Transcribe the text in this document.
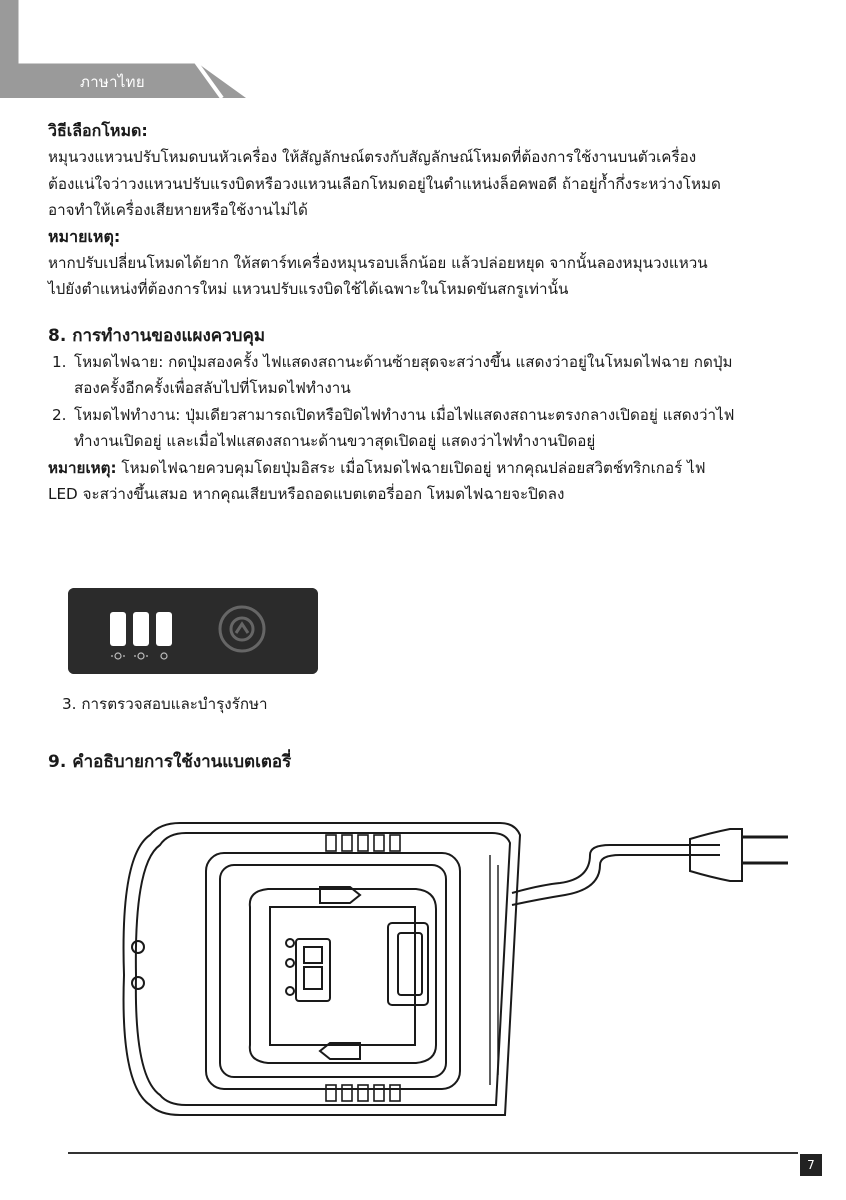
ภาษาไทย

วิธีเลือกโหมด:

หมุนวงแหวนปรับโหมดบนหัวเครื่อง ให้สัญลักษณ์ตรงกับสัญลักษณ์โหมดที่ต้องการใช้งานบนตัวเครื่อง

ต้องแน่ใจว่าวงแหวนปรับแรงบิดหรือวงแหวนเลือกโหมดอยู่ในตำแหน่งล็อคพอดี ถ้าอยู่ก้ำกึ่งระหว่างโหมด

อาจทำให้เครื่องเสียหายหรือใช้งานไม่ได้

หมายเหตุ:

หากปรับเปลี่ยนโหมดได้ยาก ให้สตาร์ทเครื่องหมุนรอบเล็กน้อย แล้วปล่อยหยุด จากนั้นลองหมุนวงแหวน

ไปยังตำแหน่งที่ต้องการใหม่ แหวนปรับแรงบิดใช้ได้เฉพาะในโหมดขันสกรูเท่านั้น

8. การทำงานของแผงควบคุม

1. โหมดไฟฉาย: กดปุ่มสองครั้ง ไฟแสดงสถานะด้านซ้ายสุดจะสว่างขึ้น แสดงว่าอยู่ในโหมดไฟฉาย กดปุ่ม
สองครั้งอีกครั้งเพื่อสลับไปที่โหมดไฟทำงาน
2. โหมดไฟทำงาน: ปุ่มเดียวสามารถเปิดหรือปิดไฟทำงาน เมื่อไฟแสดงสถานะตรงกลางเปิดอยู่ แสดงว่าไฟ
ทำงานเปิดอยู่ และเมื่อไฟแสดงสถานะด้านขวาสุดเปิดอยู่ แสดงว่าไฟทำงานปิดอยู่

หมายเหตุ: โหมดไฟฉายควบคุมโดยปุ่มอิสระ เมื่อโหมดไฟฉายเปิดอยู่ หากคุณปล่อยสวิตช์ทริกเกอร์ ไฟ

LED จะสว่างขึ้นเสมอ หากคุณเสียบหรือถอดแบตเตอรี่ออก โหมดไฟฉายจะปิดลง

3. การตรวจสอบและบำรุงรักษา
9. คำอธิบายการใช้งานแบตเตอรี่
7
